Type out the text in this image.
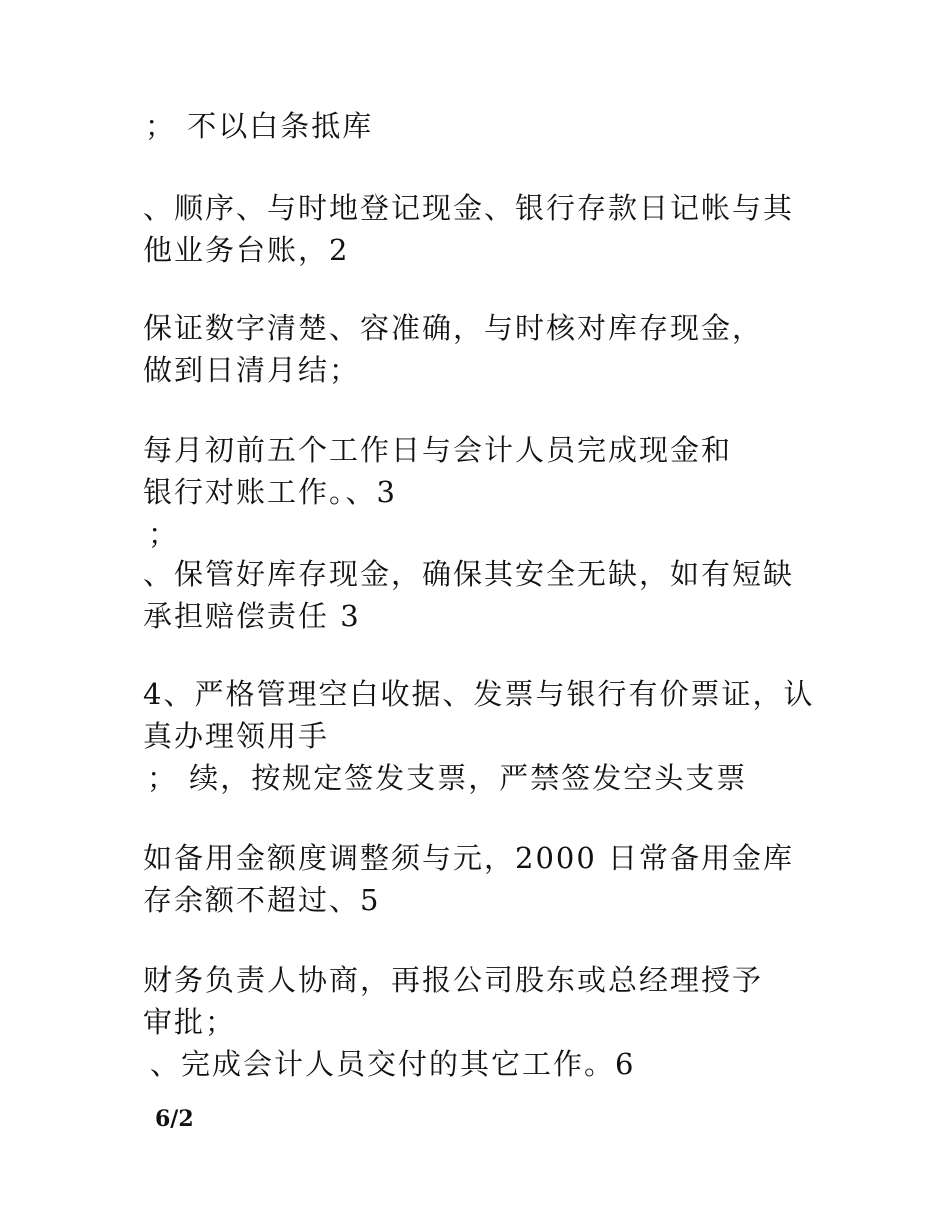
； 不以白条抵库
、顺序、与时地登记现金、银行存款日记帐与其
他业务台账，2
保证数字清楚、容准确，与时核对库存现金，
做到日清月结；
每月初前五个工作日与会计人员完成现金和
银行对账工作。、3
；
、保管好库存现金，确保其安全无缺，如有短缺
承担赔偿责任 3
4、严格管理空白收据、发票与银行有价票证，认
真办理领用手
； 续，按规定签发支票，严禁签发空头支票
如备用金额度调整须与元，2000 日常备用金库
存余额不超过、5
财务负责人协商，再报公司股东或总经理授予
审批；
、完成会计人员交付的其它工作。6
6/2
